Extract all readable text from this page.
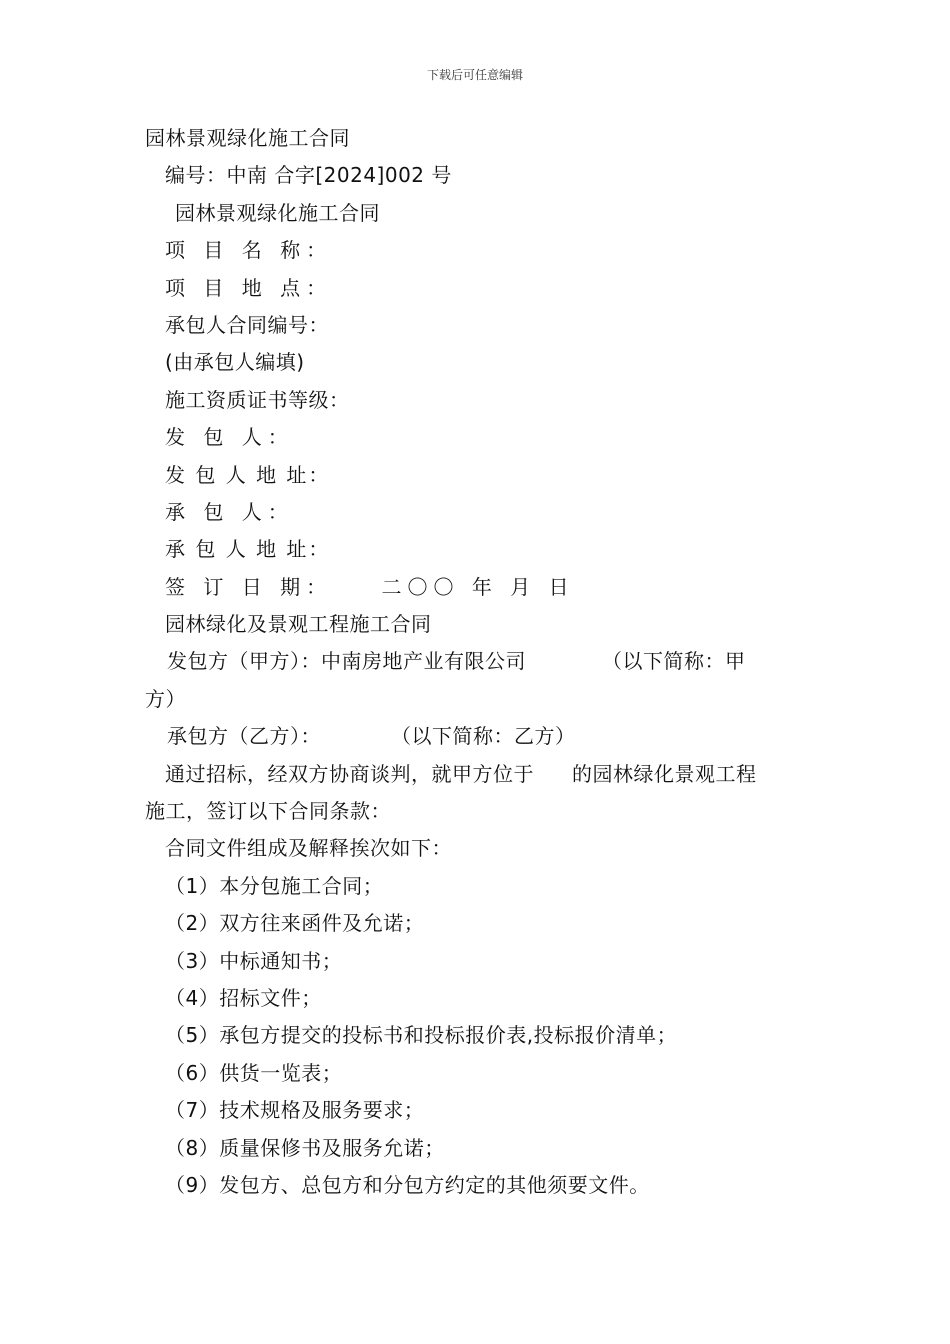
下载后可任意编辑
园林景观绿化施工合同
编号：中南 合字[2024]002 号
园林景观绿化施工合同
项 目 名 称：
项 目 地 点：
承包人合同编号：
(由承包人编填)
施工资质证书等级：
发 包 人：
发 包 人 地 址：
承 包 人：
承 包 人 地 址：
签 订 日 期：    二〇〇 年 月 日
园林绿化及景观工程施工合同
发包方（甲方）：中南房地产业有限公司	（以下简称：甲
方）
承包方（乙方）：	（以下简称：乙方）
通过招标，经双方协商谈判，就甲方位于 的园林绿化景观工程
施工，签订以下合同条款：
合同文件组成及解释挨次如下：
（1）本分包施工合同；
（2）双方往来函件及允诺；
（3）中标通知书；
（4）招标文件；
（5）承包方提交的投标书和投标报价表,投标报价清单；
（6）供货一览表；
（7）技术规格及服务要求；
（8）质量保修书及服务允诺；
（9）发包方、总包方和分包方约定的其他须要文件。
